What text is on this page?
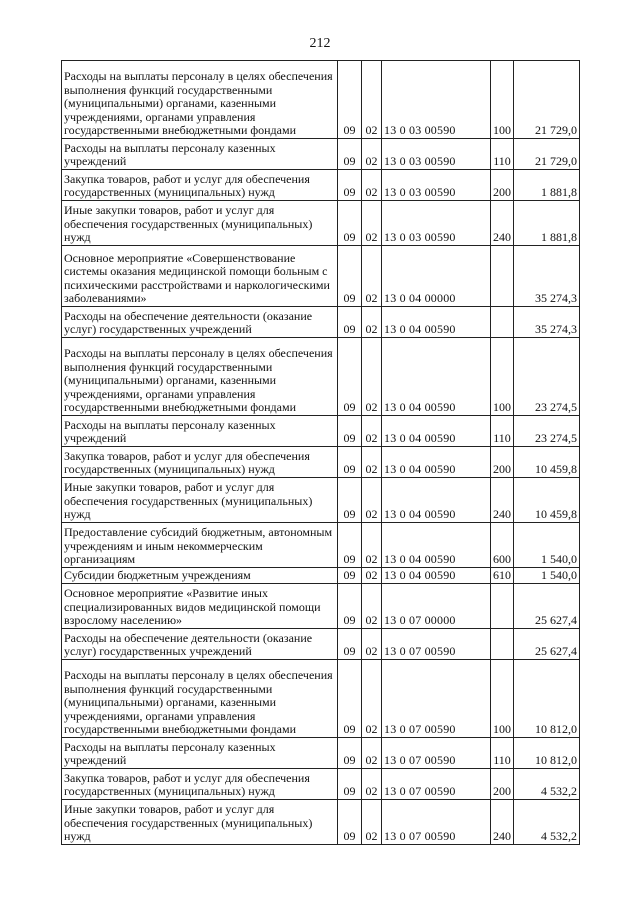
212
Расходы на выплаты персоналу в целях обеспечения выполнения функций государственными (муниципальными) органами, казенными учреждениями, органами управления государственными внебюджетными фондами	09	02	13 0 03 00590	100	21 729,0
Расходы на выплаты персоналу казенных учреждений	09	02	13 0 03 00590	110	21 729,0
Закупка товаров, работ и услуг для обеспечения государственных (муниципальных) нужд	09	02	13 0 03 00590	200	1 881,8
Иные закупки товаров, работ и услуг для обеспечения государственных (муниципальных) нужд	09	02	13 0 03 00590	240	1 881,8
Основное мероприятие «Совершенствование системы оказания медицинской помощи больным с психическими расстройствами и наркологическими заболеваниями»	09	02	13 0 04 00000		35 274,3
Расходы на обеспечение деятельности (оказание услуг) государственных учреждений	09	02	13 0 04 00590		35 274,3
Расходы на выплаты персоналу в целях обеспечения выполнения функций государственными (муниципальными) органами, казенными учреждениями, органами управления государственными внебюджетными фондами	09	02	13 0 04 00590	100	23 274,5
Расходы на выплаты персоналу казенных учреждений	09	02	13 0 04 00590	110	23 274,5
Закупка товаров, работ и услуг для обеспечения государственных (муниципальных) нужд	09	02	13 0 04 00590	200	10 459,8
Иные закупки товаров, работ и услуг для обеспечения государственных (муниципальных) нужд	09	02	13 0 04 00590	240	10 459,8
Предоставление субсидий бюджетным, автономным учреждениям и иным некоммерческим организациям	09	02	13 0 04 00590	600	1 540,0
Субсидии бюджетным учреждениям	09	02	13 0 04 00590	610	1 540,0
Основное мероприятие «Развитие иных специализированных видов медицинской помощи взрослому населению»	09	02	13 0 07 00000		25 627,4
Расходы на обеспечение деятельности (оказание услуг) государственных учреждений	09	02	13 0 07 00590		25 627,4
Расходы на выплаты персоналу в целях обеспечения выполнения функций государственными (муниципальными) органами, казенными учреждениями, органами управления государственными внебюджетными фондами	09	02	13 0 07 00590	100	10 812,0
Расходы на выплаты персоналу казенных учреждений	09	02	13 0 07 00590	110	10 812,0
Закупка товаров, работ и услуг для обеспечения государственных (муниципальных) нужд	09	02	13 0 07 00590	200	4 532,2
Иные закупки товаров, работ и услуг для обеспечения государственных (муниципальных) нужд	09	02	13 0 07 00590	240	4 532,2
